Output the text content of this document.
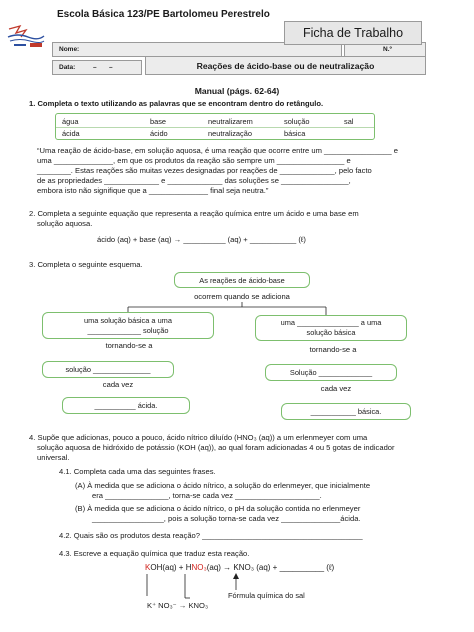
Escola Básica 123/PE Bartolomeu Perestrelo
Nome:	N.º
Ficha de Trabalho
Data:	– –	Reações de ácido-base ou de neutralização
Manual (págs. 62-64)
1. Completa o texto utilizando as palavras que se encontram dentro do retângulo.
água	base	neutralizarem	solução	sal
ácida	ácido	neutralização	básica
“Uma reação de ácido-base, em solução aquosa, é uma reação que ocorre entre um ________________ e
uma ______________, em que os produtos da reação são sempre um ________________ e
________. Estas reações são muitas vezes designadas por reações de _____________, pelo facto
de as propriedades _____________ e _____________ das soluções se ________________,
embora isto não signifique que a ______________ final seja neutra.”
2. Completa a seguinte equação que representa a reação química entre um ácido e uma base em
solução aquosa.
ácido (aq) + base (aq) → __________ (aq) + ___________ (ℓ)
3. Completa o seguinte esquema.
As reações de ácido-base
ocorrem quando se adiciona
uma solução básica a uma
_____________ solução
uma _______________ a uma
solução básica
tornando-se a	tornando-se a
solução ______________	Solução _____________
cada vez	cada vez
__________ ácida.
___________ básica.
4. Supõe que adicionas, pouco a pouco, ácido nítrico diluído (HNO₃ (aq)) a um erlenmeyer com uma
solução aquosa de hidróxido de potássio (KOH (aq)), ao qual foram adicionadas 4 ou 5 gotas de indicador
universal.
4.1. Completa cada uma das seguintes frases.
(A) À medida que se adiciona o ácido nítrico, a solução do erlenmeyer, que inicialmente
era _______________, torna-se cada vez ____________________.
(B) À medida que se adiciona o ácido nítrico, o pH da solução contida no erlenmeyer
_________________, pois a solução torna-se cada vez ______________ácida.
4.2. Quais são os produtos desta reação? ______________________________________
4.3. Escreve a equação química que traduz esta reação.
KOH(aq) + HNO₃(aq) → KNO₃ (aq) + __________ (ℓ)
K⁺ NO₃⁻ → KNO₃
Fórmula química do sal
